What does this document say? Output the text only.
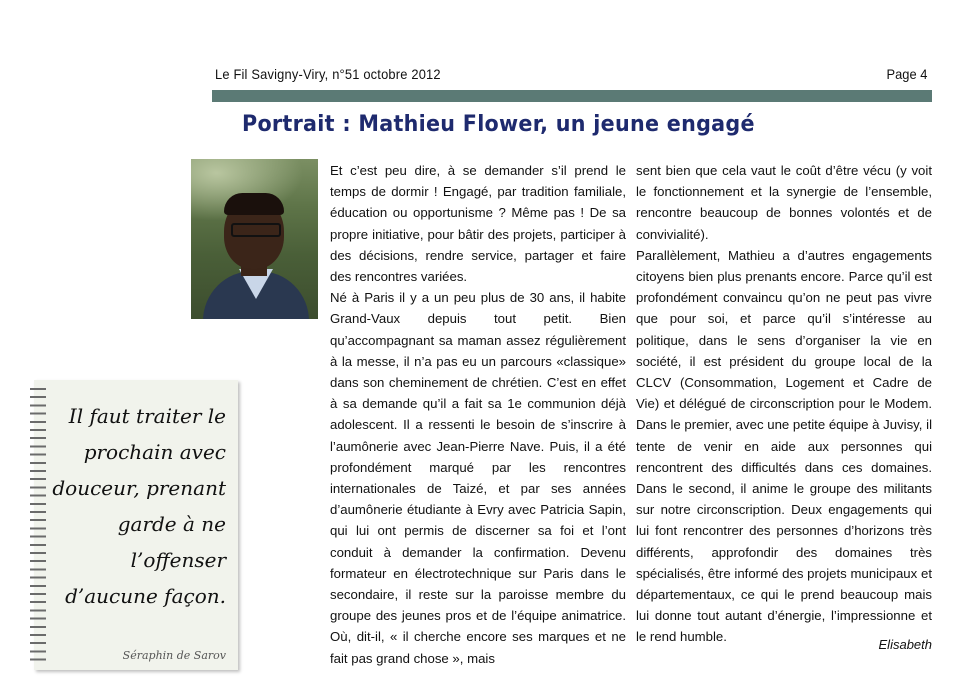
Le Fil Savigny-Viry, n°51 octobre 2012	Page 4
Portrait : Mathieu Flower, un jeune engagé

Et c’est peu dire, à se demander s’il prend le temps de dormir ! Engagé, par tradition familiale, éducation ou opportunisme ? Même pas ! De sa propre initiative, pour bâtir des projets, participer à des décisions, rendre service, partager et faire des rencontres variées.

Né à Paris il y a un peu plus de 30 ans, il habite Grand-Vaux depuis tout petit. Bien qu’accompagnant sa maman assez régulièrement à la messe, il n’a pas eu un parcours «classique» dans son cheminement de chrétien. C’est en effet à sa demande qu’il a fait sa 1e communion déjà adolescent. Il a ressenti le besoin de s’inscrire à l’aumônerie avec Jean-Pierre Nave. Puis, il a été profondément marqué par les rencontres internationales de Taizé, et par ses années d’aumônerie étudiante à Evry avec Patricia Sapin, qui lui ont permis de discerner sa foi et l’ont conduit à demander la confirmation. Devenu formateur en électrotechnique sur Paris dans le secondaire, il reste sur la paroisse membre du groupe des jeunes pros et de l’équipe animatrice. Où, dit-il, « il cherche encore ses marques et ne fait pas grand chose », mais

sent bien que cela vaut le coût d’être vécu (y voit le fonctionnement et la synergie de l’ensemble, rencontre beaucoup de bonnes volontés et de convivialité).

Parallèlement, Mathieu a d’autres engagements citoyens bien plus prenants encore. Parce qu’il est profondément convaincu qu’on ne peut pas vivre que pour soi, et parce qu’il s’intéresse au politique, dans le sens d’organiser la vie en société, il est président du groupe local de la CLCV (Consommation, Logement et Cadre de Vie) et délégué de circonscription pour le Modem. Dans le premier, avec une petite équipe à Juvisy, il tente de venir en aide aux personnes qui rencontrent des difficultés dans ces domaines. Dans le second, il anime le groupe des militants sur notre circonscription. Deux engagements qui lui font rencontrer des personnes d’horizons très différents, approfondir des domaines très spécialisés, être informé des projets municipaux et départementaux, ce qui le prend beaucoup mais lui donne tout autant d’énergie, l’impressionne et le rend humble.

Elisabeth
Il faut traiter le prochain avec douceur, prenant garde à ne l’offenser d’aucune façon.
Séraphin de Sarov
